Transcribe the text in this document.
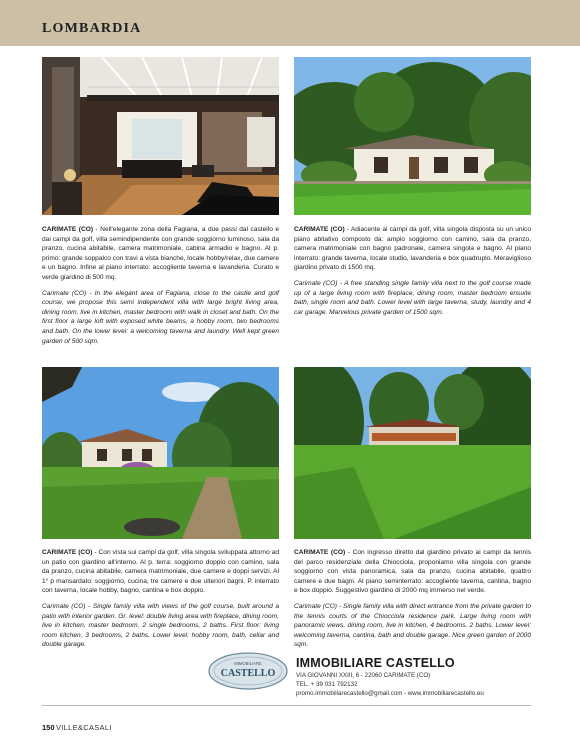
LOMBARDIA

CARIMATE (CO) - Nell'elegante zona della Fagiana, a due passi dal castello e dai campi da golf, villa semindipendente con grande soggiorno luminoso, sala da pranzo, cucina abitabile, camera matrimoniale, cabina armadio e bagno. Al p. primo: grande soppalco con travi a vista bianche, locale hobby/relax, due camere e un bagno. Infine al piano interrato: accogliente taverna e lavanderia. Curato e verde giardino di 500 mq.

Carimate (CO) - In the elegant area of Fagiana, close to the castle and golf course, we propose this semi independent villa with large bright living area, dining room, live in kitchen, master bedroom with walk in closet and bath. On the first floor a large loft with exposed white beams, a hobby room, two bedrooms and bath. On the lower level: a welcoming taverna and laundry. Well kept green garden of 500 sqm.

CARIMATE (CO) - Adiacente ai campi da golf, villa singola disposta su un unico piano abitativo composto da: ampio soggiorno con camino, sala da pranzo, camera matrimoniale con bagno padronale, camera singola e bagno. Al piano interrato: grande taverna, locale studio, lavanderia e box quadruplo. Meraviglioso giardino privato di 1500 mq.

Carimate (CO) - A free standing single family villa next to the golf course made up of a large living room with fireplace, dining room, master bedroom ensuite bath, single room and bath. Lower level with large taverna, study, laundry and 4 car garage. Marvelous private garden of 1500 sqm.

CARIMATE (CO) - Con vista sui campi da golf, villa singola sviluppata attorno ad un patio con giardino all'interno. Al p. terra: soggiorno doppio con camino, sala da pranzo, cucina abitabile, camera matrimoniale, due camere e doppi servizi. Al 1° p mansardato: soggiorno, cucina, tre camere e due ulteriori bagni. P. interrato con taverna, locale hobby, bagno, cantina e box doppio.

Carimate (CO) - Single family villa with views of the golf course, built around a patio with interior garden. Gr. level: double living area with fireplace, dining room, live in kitchen, master bedroom, 2 single bedrooms, 2 baths. First floor: living room kitchen, 3 bedrooms, 2 baths. Lower level: hobby room, bath, cellar and double garage.

CARIMATE (CO) - Con ingresso diretto dal giardino privato ai campi da tennis del parco residenziale della Chiocciola, proponiamo villa singola con grande soggiorno con vista panoramica, sala da pranzo, cucina abitabile, quattro camere e due bagni. Al piano seminterrato: accogliente taverna, cantina, bagno e box doppio. Suggestivo giardino di 2000 mq immerso nel verde.

Carimate (CO) - Single family villa with direct entrance from the private garden to the tennis courts of the Chiocciola residence park. Large living room with panoramic views, dining room, live in kitchen, 4 bedrooms, 2 baths. Lower level: welcoming taverna, cantina, bath and double garage. Nice green garden of 2000 sqm.

IMMOBILIARE
CASTELLO
IMMOBILIARE CASTELLO
VIA GIOVANNI XXIII, 6 - 22060 CARIMATE (CO)
TEL. + 39 031 792132
promo.immobiliarecastello@gmail.com - www.immobiliarecastello.eu
150 VILLE&CASALI
